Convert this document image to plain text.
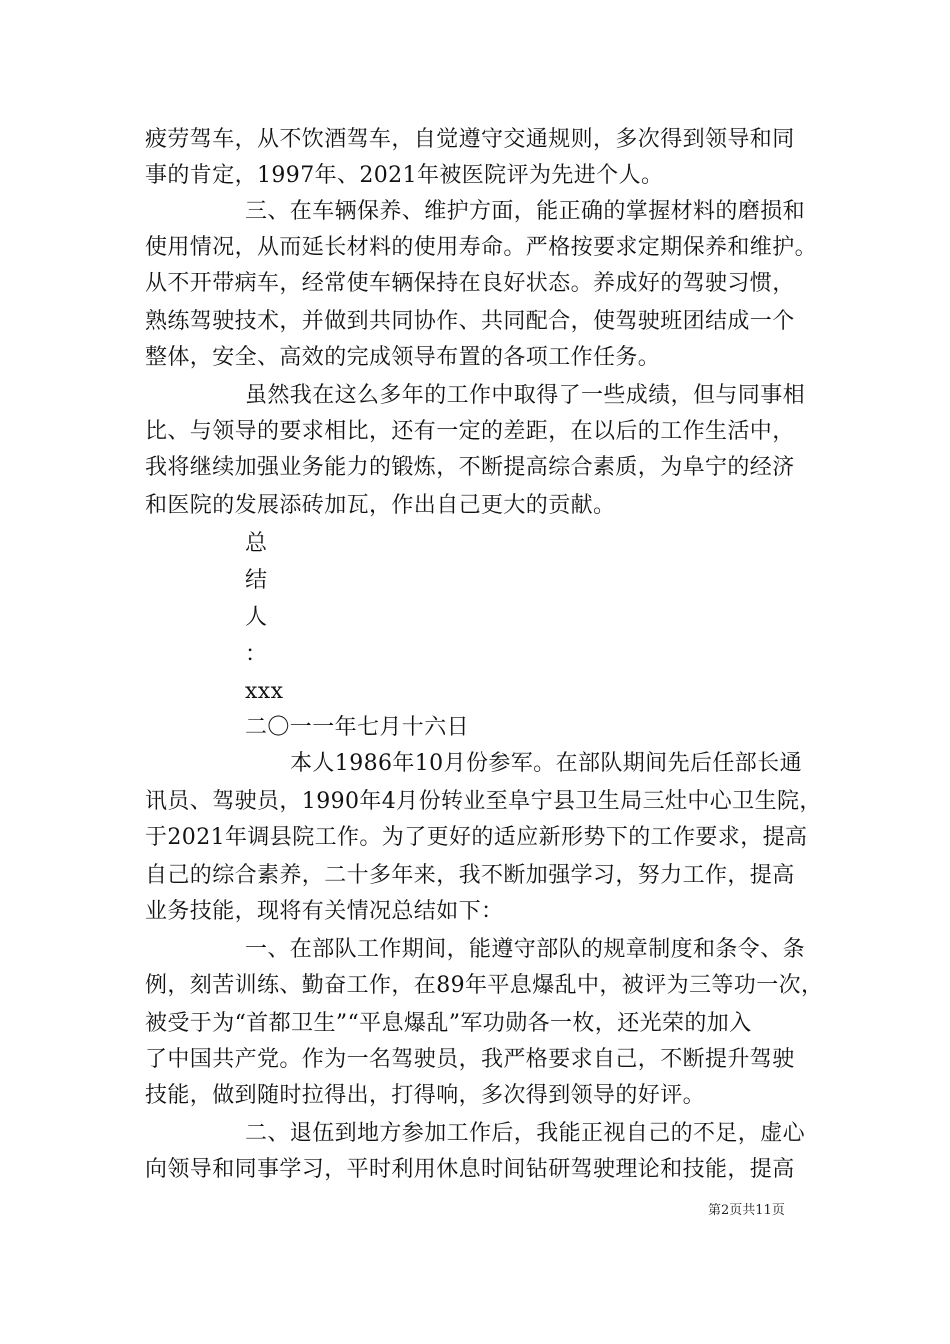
疲劳驾车，从不饮酒驾车，自觉遵守交通规则，多次得到领导和同
事的肯定，1997年、2021年被医院评为先进个人。
三、在车辆保养、维护方面，能正确的掌握材料的磨损和
使用情况，从而延长材料的使用寿命。严格按要求定期保养和维护。
从不开带病车，经常使车辆保持在良好状态。养成好的驾驶习惯，
熟练驾驶技术，并做到共同协作、共同配合，使驾驶班团结成一个
整体，安全、高效的完成领导布置的各项工作任务。
虽然我在这么多年的工作中取得了一些成绩，但与同事相
比、与领导的要求相比，还有一定的差距，在以后的工作生活中，
我将继续加强业务能力的锻炼，不断提高综合素质，为阜宁的经济
和医院的发展添砖加瓦，作出自己更大的贡献。
总
结
人
：
xxx
二〇一一年七月十六日
本人1986年10月份参军。在部队期间先后任部长通
讯员、驾驶员，1990年4月份转业至阜宁县卫生局三灶中心卫生院，
于2021年调县院工作。为了更好的适应新形势下的工作要求，提高
自己的综合素养，二十多年来，我不断加强学习，努力工作，提高
业务技能，现将有关情况总结如下：
一、在部队工作期间，能遵守部队的规章制度和条令、条
例，刻苦训练、勤奋工作，在89年平息爆乱中，被评为三等功一次，
被受于为“首都卫生”“平息爆乱”军功勋各一枚，还光荣的加入
了中国共产党。作为一名驾驶员，我严格要求自己，不断提升驾驶
技能，做到随时拉得出，打得响，多次得到领导的好评。
二、退伍到地方参加工作后，我能正视自己的不足，虚心
向领导和同事学习，平时利用休息时间钻研驾驶理论和技能，提高
第2页共11页
